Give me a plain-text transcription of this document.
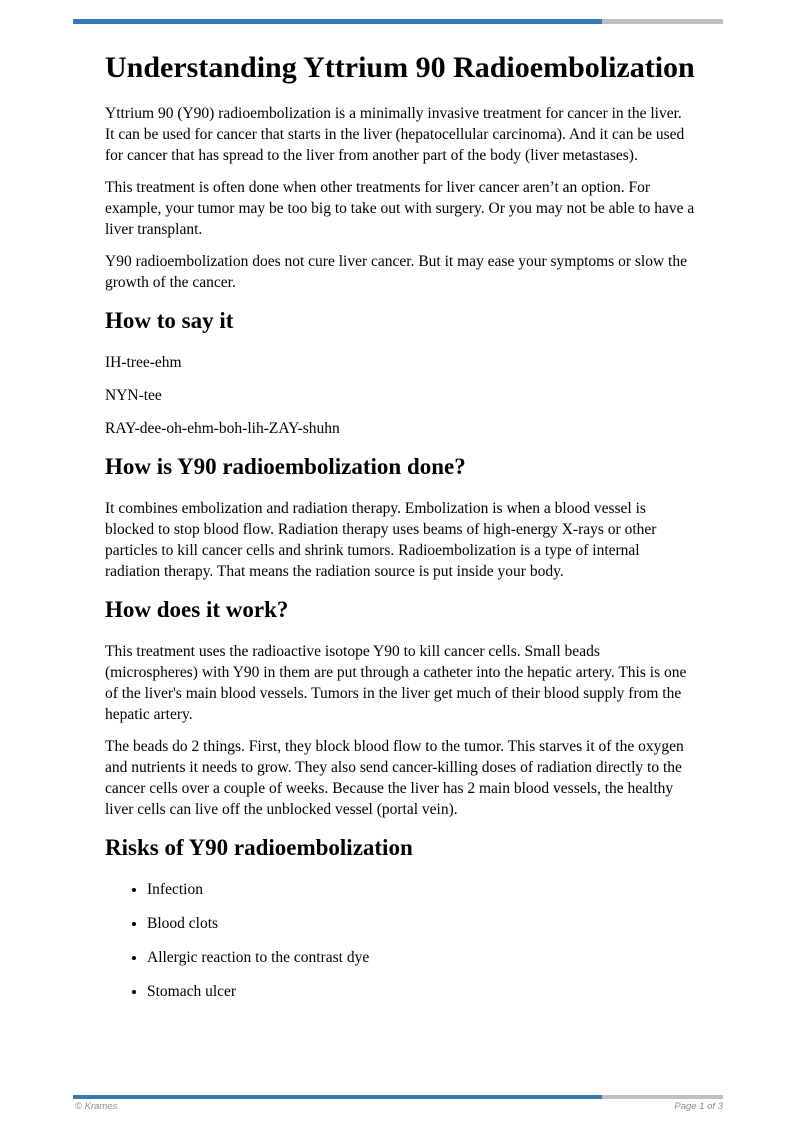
Understanding Yttrium 90 Radioembolization

Yttrium 90 (Y90) radioembolization is a minimally invasive treatment for cancer in the liver. It can be used for cancer that starts in the liver (hepatocellular carcinoma). And it can be used for cancer that has spread to the liver from another part of the body (liver metastases).

This treatment is often done when other treatments for liver cancer aren’t an option. For example, your tumor may be too big to take out with surgery. Or you may not be able to have a liver transplant.

Y90 radioembolization does not cure liver cancer. But it may ease your symptoms or slow the growth of the cancer.

How to say it

IH-tree-ehm

NYN-tee

RAY-dee-oh-ehm-boh-lih-ZAY-shuhn

How is Y90 radioembolization done?

It combines embolization and radiation therapy. Embolization is when a blood vessel is blocked to stop blood flow. Radiation therapy uses beams of high-energy X-rays or other particles to kill cancer cells and shrink tumors. Radioembolization is a type of internal radiation therapy. That means the radiation source is put inside your body.

How does it work?

This treatment uses the radioactive isotope Y90 to kill cancer cells. Small beads (microspheres) with Y90 in them are put through a catheter into the hepatic artery. This is one of the liver's main blood vessels. Tumors in the liver get much of their blood supply from the hepatic artery.

The beads do 2 things. First, they block blood flow to the tumor. This starves it of the oxygen and nutrients it needs to grow. They also send cancer-killing doses of radiation directly to the cancer cells over a couple of weeks. Because the liver has 2 main blood vessels, the healthy liver cells can live off the unblocked vessel (portal vein).

Risks of Y90 radioembolization
• Infection
• Blood clots
• Allergic reaction to the contrast dye
• Stomach ulcer
© Krames	Page 1 of 3
